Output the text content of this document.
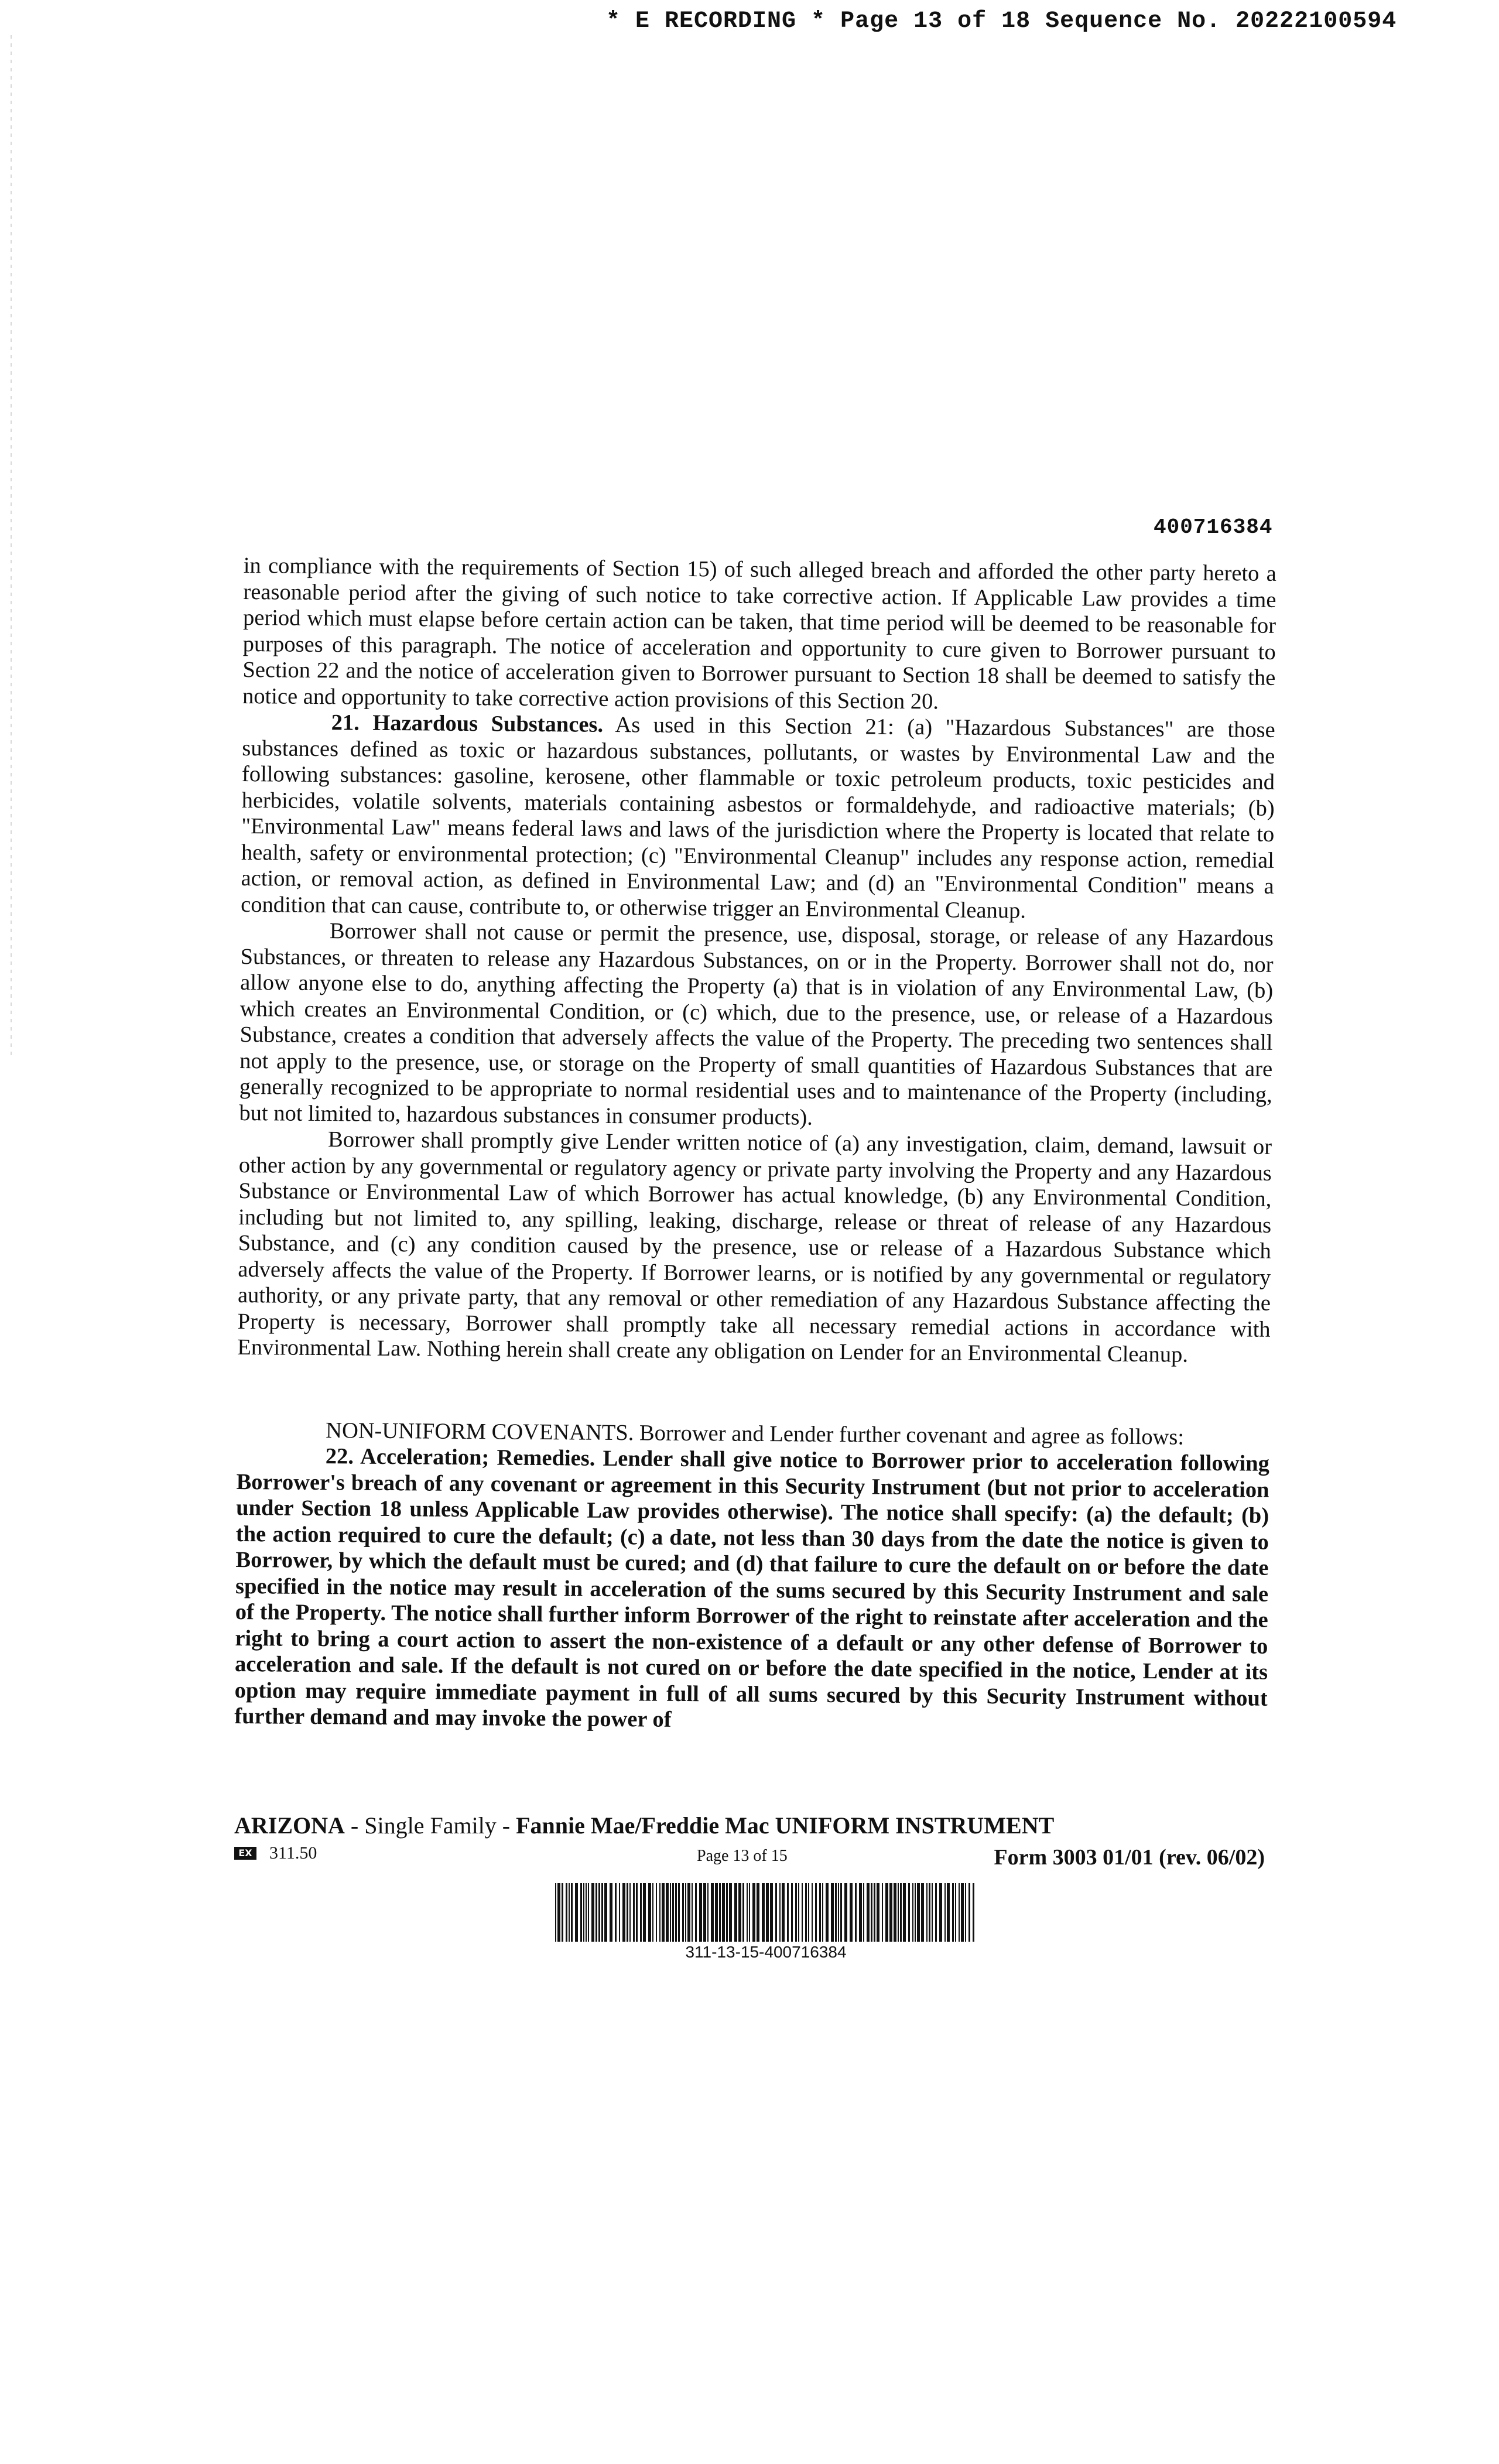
* E RECORDING * Page 13 of 18 Sequence No. 20222100594
400716384

in compliance with the requirements of Section 15) of such alleged breach and afforded the other party hereto a reasonable period after the giving of such notice to take corrective action. If Applicable Law provides a time period which must elapse before certain action can be taken, that time period will be deemed to be reasonable for purposes of this paragraph. The notice of acceleration and opportunity to cure given to Borrower pursuant to Section 22 and the notice of acceleration given to Borrower pursuant to Section 18 shall be deemed to satisfy the notice and opportunity to take corrective action provisions of this Section 20.

21. Hazardous Substances. As used in this Section 21: (a) "Hazardous Substances" are those substances defined as toxic or hazardous substances, pollutants, or wastes by Environmental Law and the following substances: gasoline, kerosene, other flammable or toxic petroleum products, toxic pesticides and herbicides, volatile solvents, materials containing asbestos or formaldehyde, and radioactive materials; (b) "Environmental Law" means federal laws and laws of the jurisdiction where the Property is located that relate to health, safety or environmental protection; (c) "Environmental Cleanup" includes any response action, remedial action, or removal action, as defined in Environmental Law; and (d) an "Environmental Condition" means a condition that can cause, contribute to, or otherwise trigger an Environmental Cleanup.

Borrower shall not cause or permit the presence, use, disposal, storage, or release of any Hazardous Substances, or threaten to release any Hazardous Substances, on or in the Property. Borrower shall not do, nor allow anyone else to do, anything affecting the Property (a) that is in violation of any Environmental Law, (b) which creates an Environmental Condition, or (c) which, due to the presence, use, or release of a Hazardous Substance, creates a condition that adversely affects the value of the Property. The preceding two sentences shall not apply to the presence, use, or storage on the Property of small quantities of Hazardous Substances that are generally recognized to be appropriate to normal residential uses and to maintenance of the Property (including, but not limited to, hazardous substances in consumer products).

Borrower shall promptly give Lender written notice of (a) any investigation, claim, demand, lawsuit or other action by any governmental or regulatory agency or private party involving the Property and any Hazardous Substance or Environmental Law of which Borrower has actual knowledge, (b) any Environmental Condition, including but not limited to, any spilling, leaking, discharge, release or threat of release of any Hazardous Substance, and (c) any condition caused by the presence, use or release of a Hazardous Substance which adversely affects the value of the Property. If Borrower learns, or is notified by any governmental or regulatory authority, or any private party, that any removal or other remediation of any Hazardous Substance affecting the Property is necessary, Borrower shall promptly take all necessary remedial actions in accordance with Environmental Law. Nothing herein shall create any obligation on Lender for an Environmental Cleanup.

NON-UNIFORM COVENANTS. Borrower and Lender further covenant and agree as follows:

22. Acceleration; Remedies. Lender shall give notice to Borrower prior to acceleration following Borrower's breach of any covenant or agreement in this Security Instrument (but not prior to acceleration under Section 18 unless Applicable Law provides otherwise). The notice shall specify: (a) the default; (b) the action required to cure the default; (c) a date, not less than 30 days from the date the notice is given to Borrower, by which the default must be cured; and (d) that failure to cure the default on or before the date specified in the notice may result in acceleration of the sums secured by this Security Instrument and sale of the Property. The notice shall further inform Borrower of the right to reinstate after acceleration and the right to bring a court action to assert the non-existence of a default or any other defense of Borrower to acceleration and sale. If the default is not cured on or before the date specified in the notice, Lender at its option may require immediate payment in full of all sums secured by this Security Instrument without further demand and may invoke the power of

ARIZONA - Single Family - Fannie Mae/Freddie Mac UNIFORM INSTRUMENT
EX 311.50	Page 13 of 15	Form 3003 01/01 (rev. 06/02)
311-13-15-400716384
